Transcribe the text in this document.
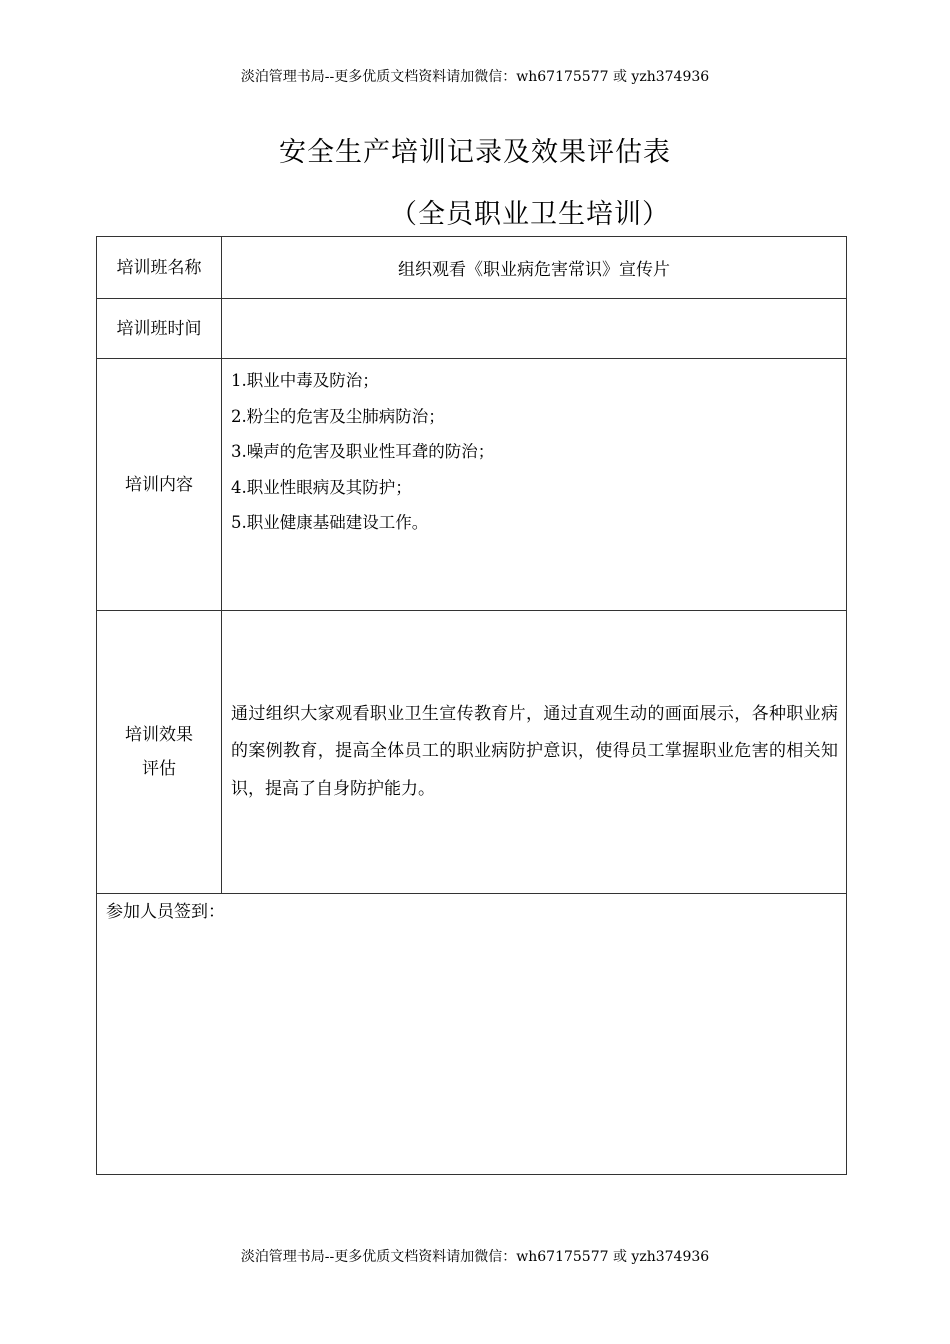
淡泊管理书局--更多优质文档资料请加微信：wh67175577 或 yzh374936
安全生产培训记录及效果评估表
（全员职业卫生培训）
培训班名称	组织观看《职业病危害常识》宣传片
培训班时间	
培训内容	1.职业中毒及防治；
2.粉尘的危害及尘肺病防治；
3.噪声的危害及职业性耳聋的防治；
4.职业性眼病及其防护；
5.职业健康基础建设工作。

培训效果
评估	通过组织大家观看职业卫生宣传教育片，通过直观生动的画面展示，各种职业病的案例教育，提高全体员工的职业病防护意识，使得员工掌握职业危害的相关知识，提高了自身防护能力。
参加人员签到：	
淡泊管理书局--更多优质文档资料请加微信：wh67175577 或 yzh374936
